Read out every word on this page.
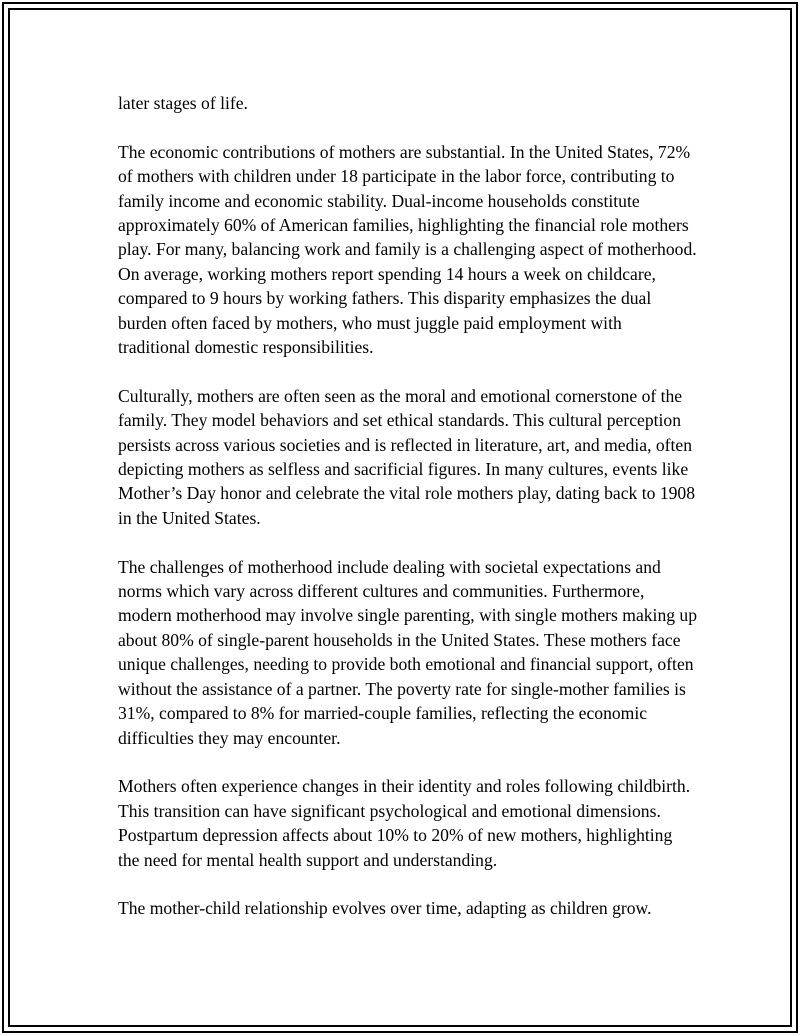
later stages of life.

The economic contributions of mothers are substantial. In the United States, 72% of mothers with children under 18 participate in the labor force, contributing to family income and economic stability. Dual-income households constitute approximately 60% of American families, highlighting the financial role mothers play. For many, balancing work and family is a challenging aspect of motherhood. On average, working mothers report spending 14 hours a week on childcare, compared to 9 hours by working fathers. This disparity emphasizes the dual burden often faced by mothers, who must juggle paid employment with traditional domestic responsibilities.

Culturally, mothers are often seen as the moral and emotional cornerstone of the family. They model behaviors and set ethical standards. This cultural perception persists across various societies and is reflected in literature, art, and media, often depicting mothers as selfless and sacrificial figures. In many cultures, events like Mother’s Day honor and celebrate the vital role mothers play, dating back to 1908 in the United States.

The challenges of motherhood include dealing with societal expectations and norms which vary across different cultures and communities. Furthermore, modern motherhood may involve single parenting, with single mothers making up about 80% of single-parent households in the United States. These mothers face unique challenges, needing to provide both emotional and financial support, often without the assistance of a partner. The poverty rate for single-mother families is 31%, compared to 8% for married-couple families, reflecting the economic difficulties they may encounter.

Mothers often experience changes in their identity and roles following childbirth. This transition can have significant psychological and emotional dimensions. Postpartum depression affects about 10% to 20% of new mothers, highlighting the need for mental health support and understanding.

The mother-child relationship evolves over time, adapting as children grow.
